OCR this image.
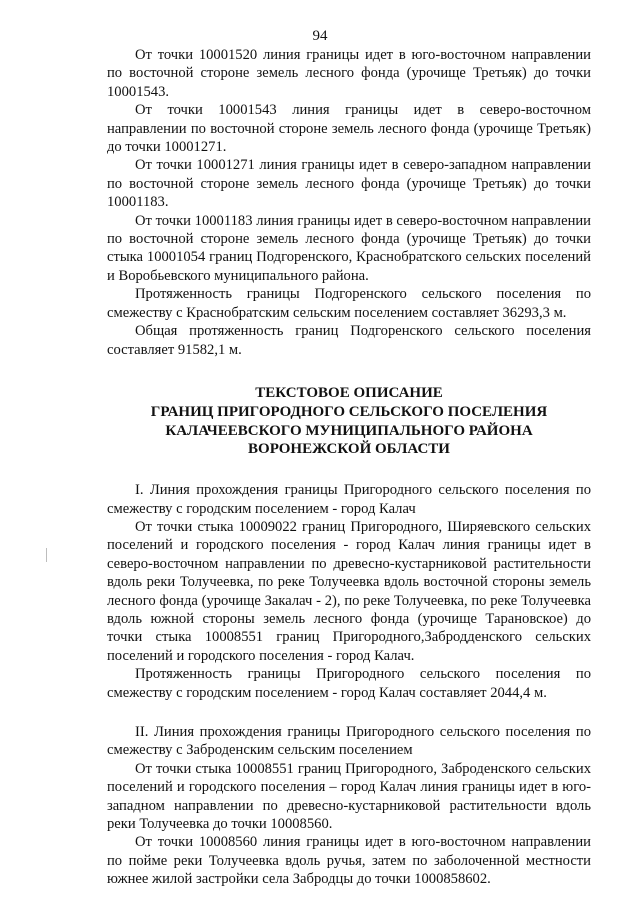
94

От точки 10001520 линия границы идет в юго-восточном направлении по восточной стороне земель лесного фонда (урочище Третьяк) до точки 10001543.

От точки 10001543 линия границы идет в северо-восточном направлении по восточной стороне земель лесного фонда (урочище Третьяк) до точки 10001271.

От точки 10001271 линия границы идет в северо-западном направлении по восточной стороне земель лесного фонда (урочище Третьяк) до точки 10001183.

От точки 10001183 линия границы идет в северо-восточном направлении по восточной стороне земель лесного фонда (урочище Третьяк) до точки стыка 10001054 границ Подгоренского, Краснобратского сельских поселений и Воробьевского муниципального района.

Протяженность границы Подгоренского сельского поселения по смежеству с Краснобратским сельским поселением составляет 36293,3 м.

Общая протяженность границ Подгоренского сельского поселения составляет 91582,1 м.

ТЕКСТОВОЕ ОПИСАНИЕ
ГРАНИЦ ПРИГОРОДНОГО СЕЛЬСКОГО ПОСЕЛЕНИЯ
КАЛАЧЕЕВСКОГО МУНИЦИПАЛЬНОГО РАЙОНА
ВОРОНЕЖСКОЙ ОБЛАСТИ

I. Линия прохождения границы Пригородного сельского поселения по смежеству с городским поселением - город Калач

От точки стыка 10009022 границ Пригородного, Ширяевского сельских поселений и городского поселения - город Калач линия границы идет в северо-восточном направлении по древесно-кустарниковой растительности вдоль реки Толучеевка, по реке Толучеевка вдоль восточной стороны земель лесного фонда (урочище Закалач - 2), по реке Толучеевка, по реке Толучеевка вдоль южной стороны земель лесного фонда (урочище Тарановское) до точки стыка 10008551 границ Пригородного,Забродденского сельских поселений и городского поселения - город Калач.

Протяженность границы Пригородного сельского поселения по смежеству с городским поселением - город Калач составляет 2044,4 м.

II. Линия прохождения границы Пригородного сельского поселения по смежеству с Заброденским сельским поселением

От точки стыка 10008551 границ Пригородного, Заброденского сельских поселений и городского поселения – город Калач линия границы идет в юго-западном направлении по древесно-кустарниковой растительности вдоль реки Толучеевка до точки 10008560.

От точки 10008560 линия границы идет в юго-восточном направлении по пойме реки Толучеевка вдоль ручья, затем по заболоченной местности южнее жилой застройки села Забродцы до точки 1000858602.
